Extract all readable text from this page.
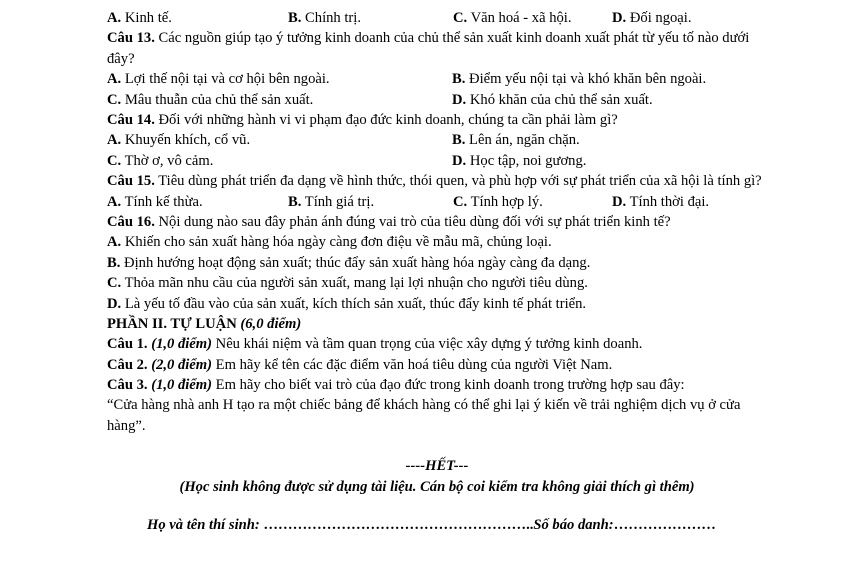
A. Kinh tế.	B. Chính trị.	C. Văn hoá - xã hội.	D. Đối ngoại.
Câu 13. Các nguồn giúp tạo ý tưởng kinh doanh của chủ thể sản xuất kinh doanh xuất phát từ yếu tố nào dưới đây?
A. Lợi thế nội tại và cơ hội bên ngoài.	B. Điểm yếu nội tại và khó khăn bên ngoài.
C. Mâu thuẫn của chủ thể sản xuất.	D. Khó khăn của chủ thể sản xuất.
Câu 14. Đối với những hành vi vi phạm đạo đức kinh doanh, chúng ta cần phải làm gì?
A. Khuyến khích, cổ vũ.	B. Lên án, ngăn chặn.
C. Thờ ơ, vô cảm.	D. Học tập, noi gương.
Câu 15. Tiêu dùng phát triển đa dạng về hình thức, thói quen, và phù hợp với sự phát triển của xã hội là tính gì?
A. Tính kế thừa.	B. Tính giá trị.	C. Tính hợp lý.	D. Tính thời đại.
Câu 16. Nội dung nào sau đây phản ánh đúng vai trò của tiêu dùng đối với sự phát triển kinh tế?
A. Khiến cho sản xuất hàng hóa ngày càng đơn điệu về mẫu mã, chủng loại.
B. Định hướng hoạt động sản xuất; thúc đẩy sản xuất hàng hóa ngày càng đa dạng.
C. Thỏa mãn nhu cầu của người sản xuất, mang lại lợi nhuận cho người tiêu dùng.
D. Là yếu tố đầu vào của sản xuất, kích thích sản xuất, thúc đẩy kinh tế phát triển.
PHẦN II. TỰ LUẬN (6,0 điểm)
Câu 1. (1,0 điểm) Nêu khái niệm và tầm quan trọng của việc xây dựng ý tưởng kinh doanh.
Câu 2. (2,0 điểm) Em hãy kể tên các đặc điểm văn hoá tiêu dùng của người Việt Nam.
Câu 3. (1,0 điểm) Em hãy cho biết vai trò của đạo đức trong kinh doanh trong trường hợp sau đây:
“Cửa hàng nhà anh H tạo ra một chiếc bảng để khách hàng có thể ghi lại ý kiến về trải nghiệm dịch vụ ở cửa hàng”.
----HẾT---
(Học sinh không được sử dụng tài liệu. Cán bộ coi kiểm tra không giải thích gì thêm)
Họ và tên thí sinh: ………………………………………………..Số báo danh:…………………
